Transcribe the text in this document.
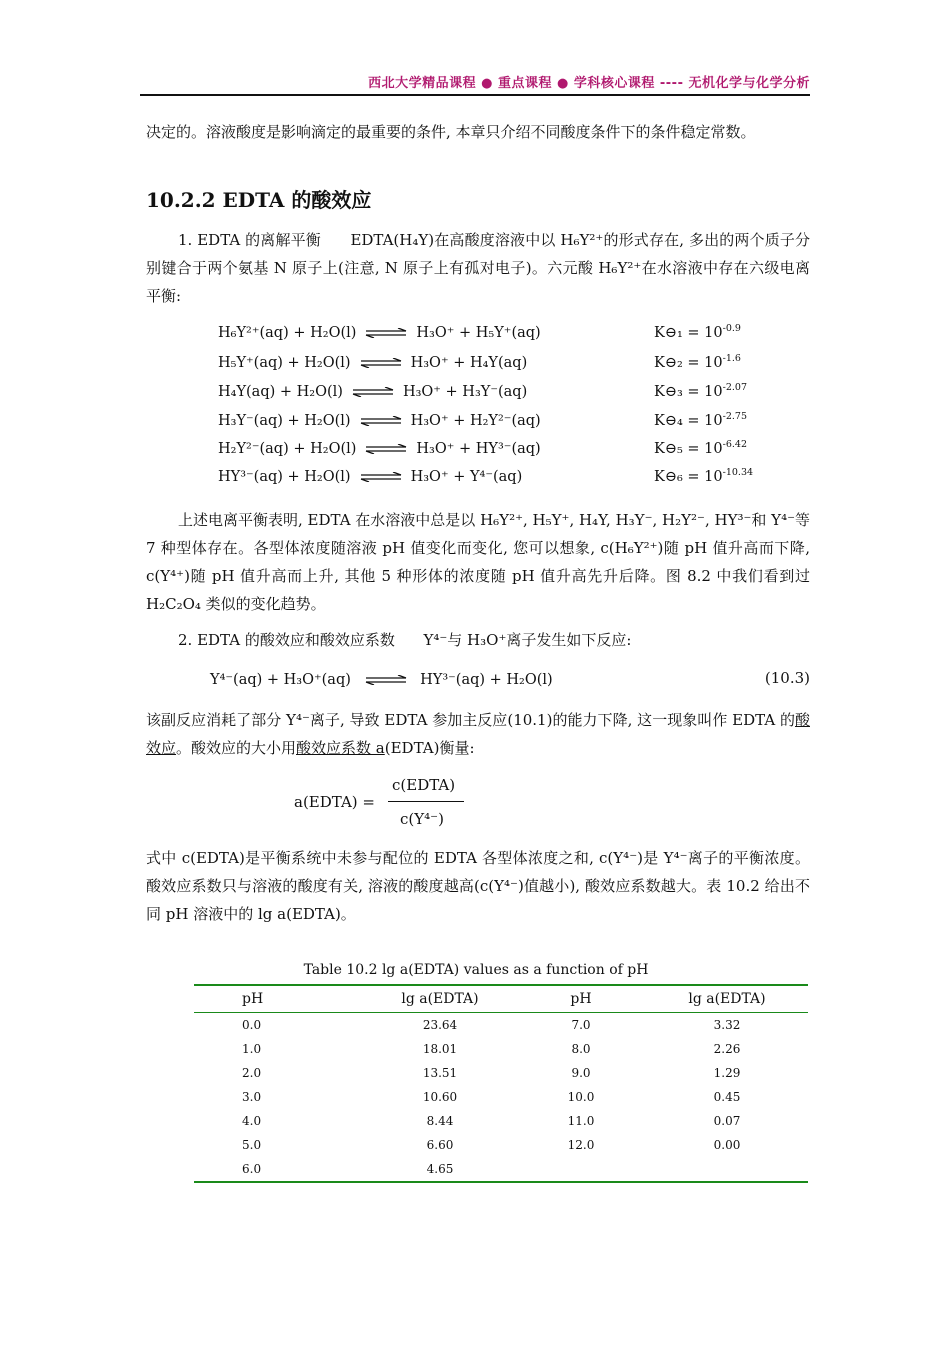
西北大学精品课程 ● 重点课程 ● 学科核心课程 ---- 无机化学与化学分析
决定的。溶液酸度是影响滴定的最重要的条件, 本章只介绍不同酸度条件下的条件稳定常数。
10.2.2 EDTA 的酸效应
1. EDTA 的离解平衡 EDTA(H₄Y)在高酸度溶液中以 H₆Y²⁺的形式存在, 多出的两个质子分别键合于两个氨基 N 原子上(注意, N 原子上有孤对电子)。六元酸 H₆Y²⁺在水溶液中存在六级电离平衡:
H₆Y²⁺(aq) + H₂O(l) ⇌ H₃O⁺ + H₅Y⁺(aq)	K⊖₁ = $10^{-0.9}$
H₅Y⁺(aq) + H₂O(l) ⇌ H₃O⁺ + H₄Y(aq)	K⊖₂ = $10^{-1.6}$
H₄Y(aq) + H₂O(l) ⇌ H₃O⁺ + H₃Y⁻(aq)	K⊖₃ = $10^{-2.07}$
H₃Y⁻(aq) + H₂O(l) ⇌ H₃O⁺ + H₂Y²⁻(aq)	K⊖₄ = $10^{-2.75}$
H₂Y²⁻(aq) + H₂O(l) ⇌ H₃O⁺ + HY³⁻(aq)	K⊖₅ = $10^{-6.42}$
HY³⁻(aq) + H₂O(l) ⇌ H₃O⁺ + Y⁴⁻(aq)	K⊖₆ = $10^{-10.34}$
上述电离平衡表明, EDTA 在水溶液中总是以 H₆Y²⁺, H₅Y⁺, H₄Y, H₃Y⁻, H₂Y²⁻, HY³⁻和 Y⁴⁻等 7 种型体存在。各型体浓度随溶液 pH 值变化而变化, 您可以想象, c(H₆Y²⁺)随 pH 值升高而下降, c(Y⁴⁺)随 pH 值升高而上升, 其他 5 种形体的浓度随 pH 值升高先升后降。图 8.2 中我们看到过 H₂C₂O₄ 类似的变化趋势。
2. EDTA 的酸效应和酸效应系数 Y⁴⁻与 H₃O⁺离子发生如下反应:
Y⁴⁻(aq) + H₃O⁺(aq) ⇌ HY³⁻(aq) + H₂O(l)	(10.3)
该副反应消耗了部分 Y⁴⁻离子, 导致 EDTA 参加主反应(10.1)的能力下降, 这一现象叫作 EDTA 的酸效应。酸效应的大小用酸效应系数 a(EDTA)衡量:
a(EDTA) =
c(EDTA)
c(Y⁴⁻)
式中 c(EDTA)是平衡系统中未参与配位的 EDTA 各型体浓度之和, c(Y⁴⁻)是 Y⁴⁻离子的平衡浓度。酸效应系数只与溶液的酸度有关, 溶液的酸度越高(c(Y⁴⁻)值越小), 酸效应系数越大。表 10.2 给出不同 pH 溶液中的 lg a(EDTA)。
Table 10.2 lg a(EDTA) values as a function of pH
pH	lg a(EDTA)	pH	lg a(EDTA)
0.0	23.64	7.0	3.32
1.0	18.01	8.0	2.26
2.0	13.51	9.0	1.29
3.0	10.60	10.0	0.45
4.0	8.44	11.0	0.07
5.0	6.60	12.0	0.00
6.0	4.65
